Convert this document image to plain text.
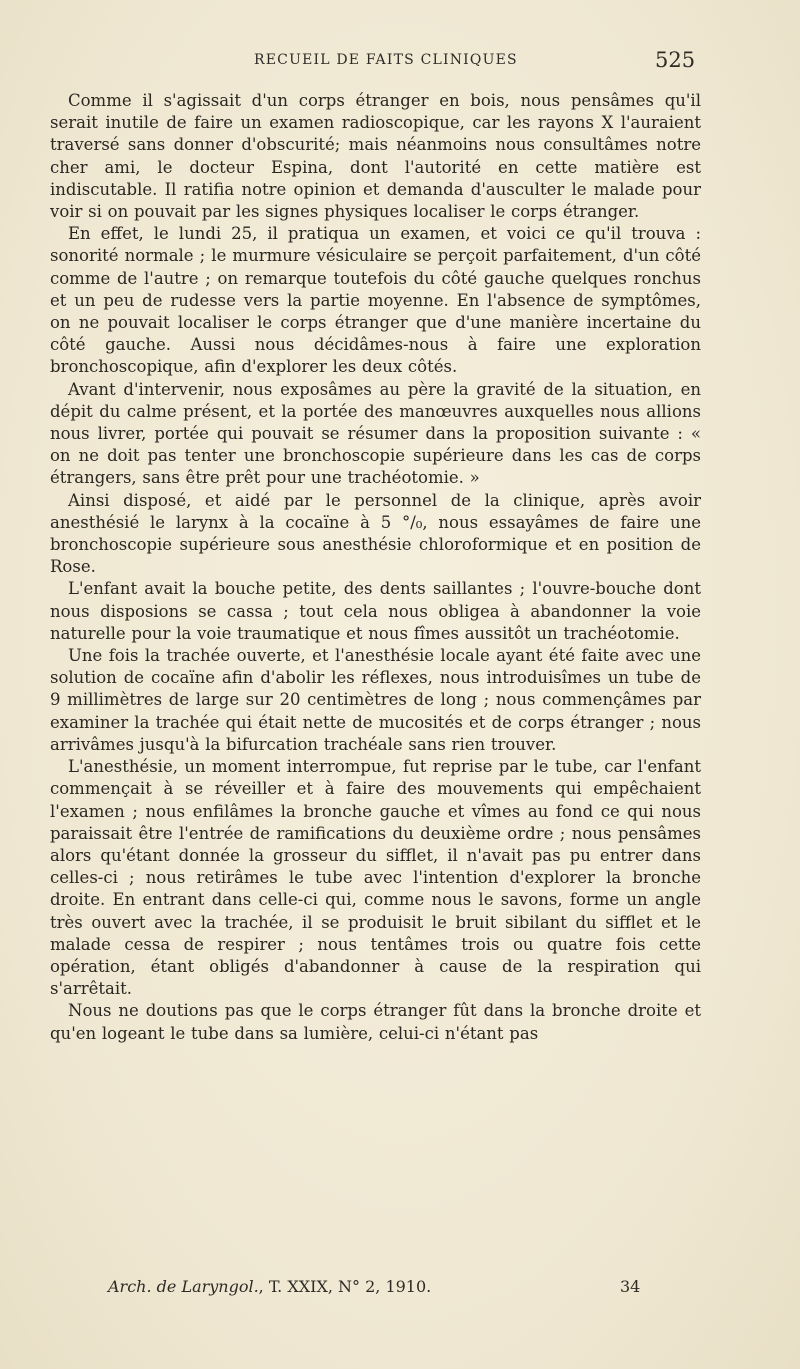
RECUEIL DE FAITS CLINIQUES	525

Comme il s'agissait d'un corps étranger en bois, nous pensâmes qu'il serait inutile de faire un examen radioscopique, car les rayons X l'auraient traversé sans donner d'obscurité; mais néanmoins nous consultâmes notre cher ami, le docteur Espina, dont l'autorité en cette matière est indiscutable. Il ratifia notre opinion et demanda d'ausculter le malade pour voir si on pouvait par les signes physiques localiser le corps étranger.

En effet, le lundi 25, il pratiqua un examen, et voici ce qu'il trouva : sonorité normale ; le murmure vésiculaire se perçoit parfaitement, d'un côté comme de l'autre ; on remarque toutefois du côté gauche quelques ronchus et un peu de rudesse vers la partie moyenne. En l'absence de symptômes, on ne pouvait localiser le corps étranger que d'une manière incertaine du côté gauche. Aussi nous décidâmes-nous à faire une exploration bronchoscopique, afin d'explorer les deux côtés.

Avant d'intervenir, nous exposâmes au père la gravité de la situation, en dépit du calme présent, et la portée des manœuvres auxquelles nous allions nous livrer, portée qui pouvait se résumer dans la proposition suivante : « on ne doit pas tenter une bronchoscopie supérieure dans les cas de corps étrangers, sans être prêt pour une trachéotomie. »

Ainsi disposé, et aidé par le personnel de la clinique, après avoir anesthésié le larynx à la cocaïne à 5 °/₀, nous essayâmes de faire une bronchoscopie supérieure sous anesthésie chloroformique et en position de Rose.

L'enfant avait la bouche petite, des dents saillantes ; l'ouvre-bouche dont nous disposions se cassa ; tout cela nous obligea à abandonner la voie naturelle pour la voie traumatique et nous fîmes aussitôt un trachéotomie.

Une fois la trachée ouverte, et l'anesthésie locale ayant été faite avec une solution de cocaïne afin d'abolir les réflexes, nous introduisîmes un tube de 9 millimètres de large sur 20 centimètres de long ; nous commençâmes par examiner la trachée qui était nette de mucosités et de corps étranger ; nous arrivâmes jusqu'à la bifurcation trachéale sans rien trouver.

L'anesthésie, un moment interrompue, fut reprise par le tube, car l'enfant commençait à se réveiller et à faire des mouvements qui empêchaient l'examen ; nous enfilâmes la bronche gauche et vîmes au fond ce qui nous paraissait être l'entrée de ramifications du deuxième ordre ; nous pensâmes alors qu'étant donnée la grosseur du sifflet, il n'avait pas pu entrer dans celles-ci ; nous retirâmes le tube avec l'intention d'explorer la bronche droite. En entrant dans celle-ci qui, comme nous le savons, forme un angle très ouvert avec la trachée, il se produisit le bruit sibilant du sifflet et le malade cessa de respirer ; nous tentâmes trois ou quatre fois cette opération, étant obligés d'abandonner à cause de la respiration qui s'arrêtait.

Nous ne doutions pas que le corps étranger fût dans la bronche droite et qu'en logeant le tube dans sa lumière, celui-ci n'étant pas

Arch. de Laryngol., T. XXIX, N° 2, 1910.	34
